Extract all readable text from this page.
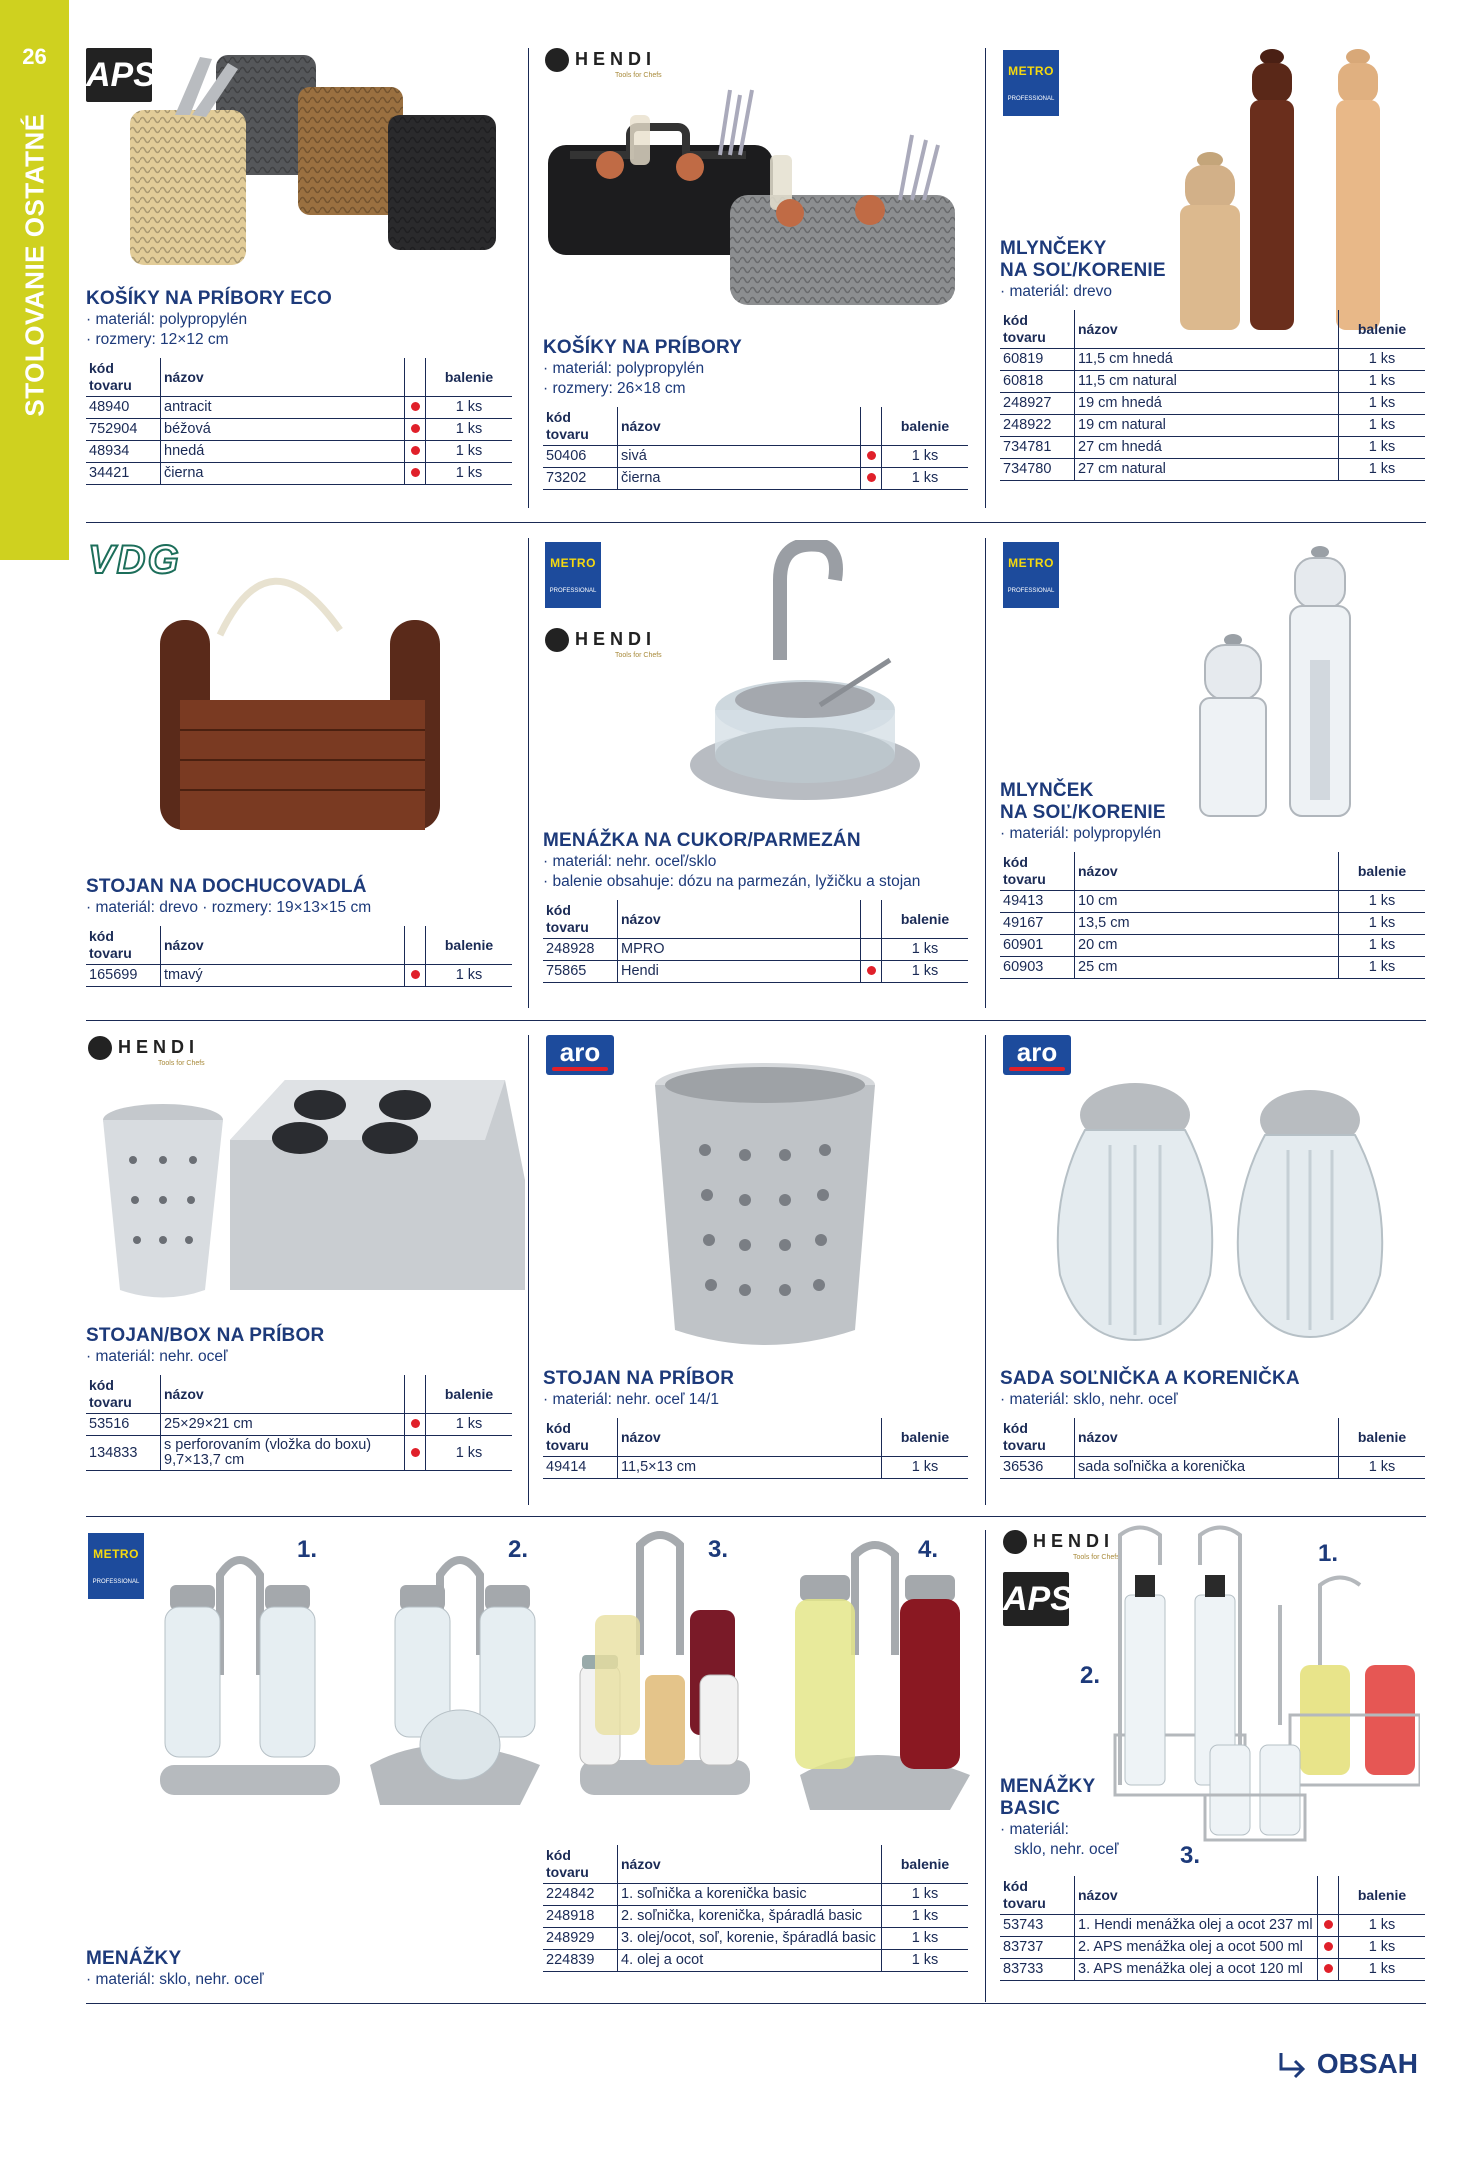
26
STOLOVANIE OSTATNÉ
APS
KOŠÍKY NA PRÍBORY ECO
· materiál: polypropylén
· rozmery: 12×12 cm
kód tovaru	názov		balenie
48940	antracit		1 ks
752904	béžová		1 ks
48934	hnedá		1 ks
34421	čierna		1 ks
HENDI
Tools for Chefs
KOŠÍKY NA PRÍBORY
· materiál: polypropylén
· rozmery: 26×18 cm
kód tovaru	názov		balenie
50406	sivá		1 ks
73202	čierna		1 ks
METRO
PROFESSIONAL
MLYNČEKY
NA SOĽ/KORENIE
· materiál: drevo
kód tovaru	názov	balenie
60819	11,5 cm hnedá	1 ks
60818	11,5 cm natural	1 ks
248927	19 cm hnedá	1 ks
248922	19 cm natural	1 ks
734781	27 cm hnedá	1 ks
734780	27 cm natural	1 ks
VDG
STOJAN NA DOCHUCOVADLÁ
· materiál: drevo · rozmery: 19×13×15 cm
kód tovaru	názov		balenie
165699	tmavý		1 ks
METRO
PROFESSIONAL
HENDI
Tools for Chefs
MENÁŽKA NA CUKOR/PARMEZÁN
· materiál: nehr. oceľ/sklo
· balenie obsahuje: dózu na parmezán, lyžičku a stojan
kód tovaru	názov		balenie
248928	MPRO		1 ks
75865	Hendi		1 ks
METRO
PROFESSIONAL
MLYNČEK
NA SOĽ/KORENIE
· materiál: polypropylén
kód tovaru	názov	balenie
49413	10 cm	1 ks
49167	13,5 cm	1 ks
60901	20 cm	1 ks
60903	25 cm	1 ks
HENDI
Tools for Chefs
STOJAN/BOX NA PRÍBOR
· materiál: nehr. oceľ
kód tovaru	názov		balenie
53516	25×29×21 cm		1 ks
134833	s perforovaním (vložka do boxu) 9,7×13,7 cm		1 ks
aro
STOJAN NA PRÍBOR
· materiál: nehr. oceľ 14/1
kód tovaru	názov	balenie
49414	11,5×13 cm	1 ks
aro
SADA SOĽNIČKA A KORENIČKA
· materiál: sklo, nehr. oceľ
kód tovaru	názov	balenie
36536	sada soľnička a korenička	1 ks
METRO
PROFESSIONAL
1.	2.	3.	4.
MENÁŽKY
· materiál: sklo, nehr. oceľ
kód tovaru	názov	balenie
224842	1. soľnička a korenička basic	1 ks
248918	2. soľnička, korenička, špáradlá basic	1 ks
248929	3. olej/ocot, soľ, korenie, špáradlá basic	1 ks
224839	4. olej a ocot	1 ks
HENDI
Tools for Chefs
APS
1.
2.
3.
MENÁŽKY
BASIC
· materiál:
sklo, nehr. oceľ
kód tovaru	názov		balenie
53743	1. Hendi menážka olej a ocot 237 ml		1 ks
83737	2. APS menážka olej a ocot 500 ml		1 ks
83733	3. APS menážka olej a ocot 120 ml		1 ks
OBSAH
